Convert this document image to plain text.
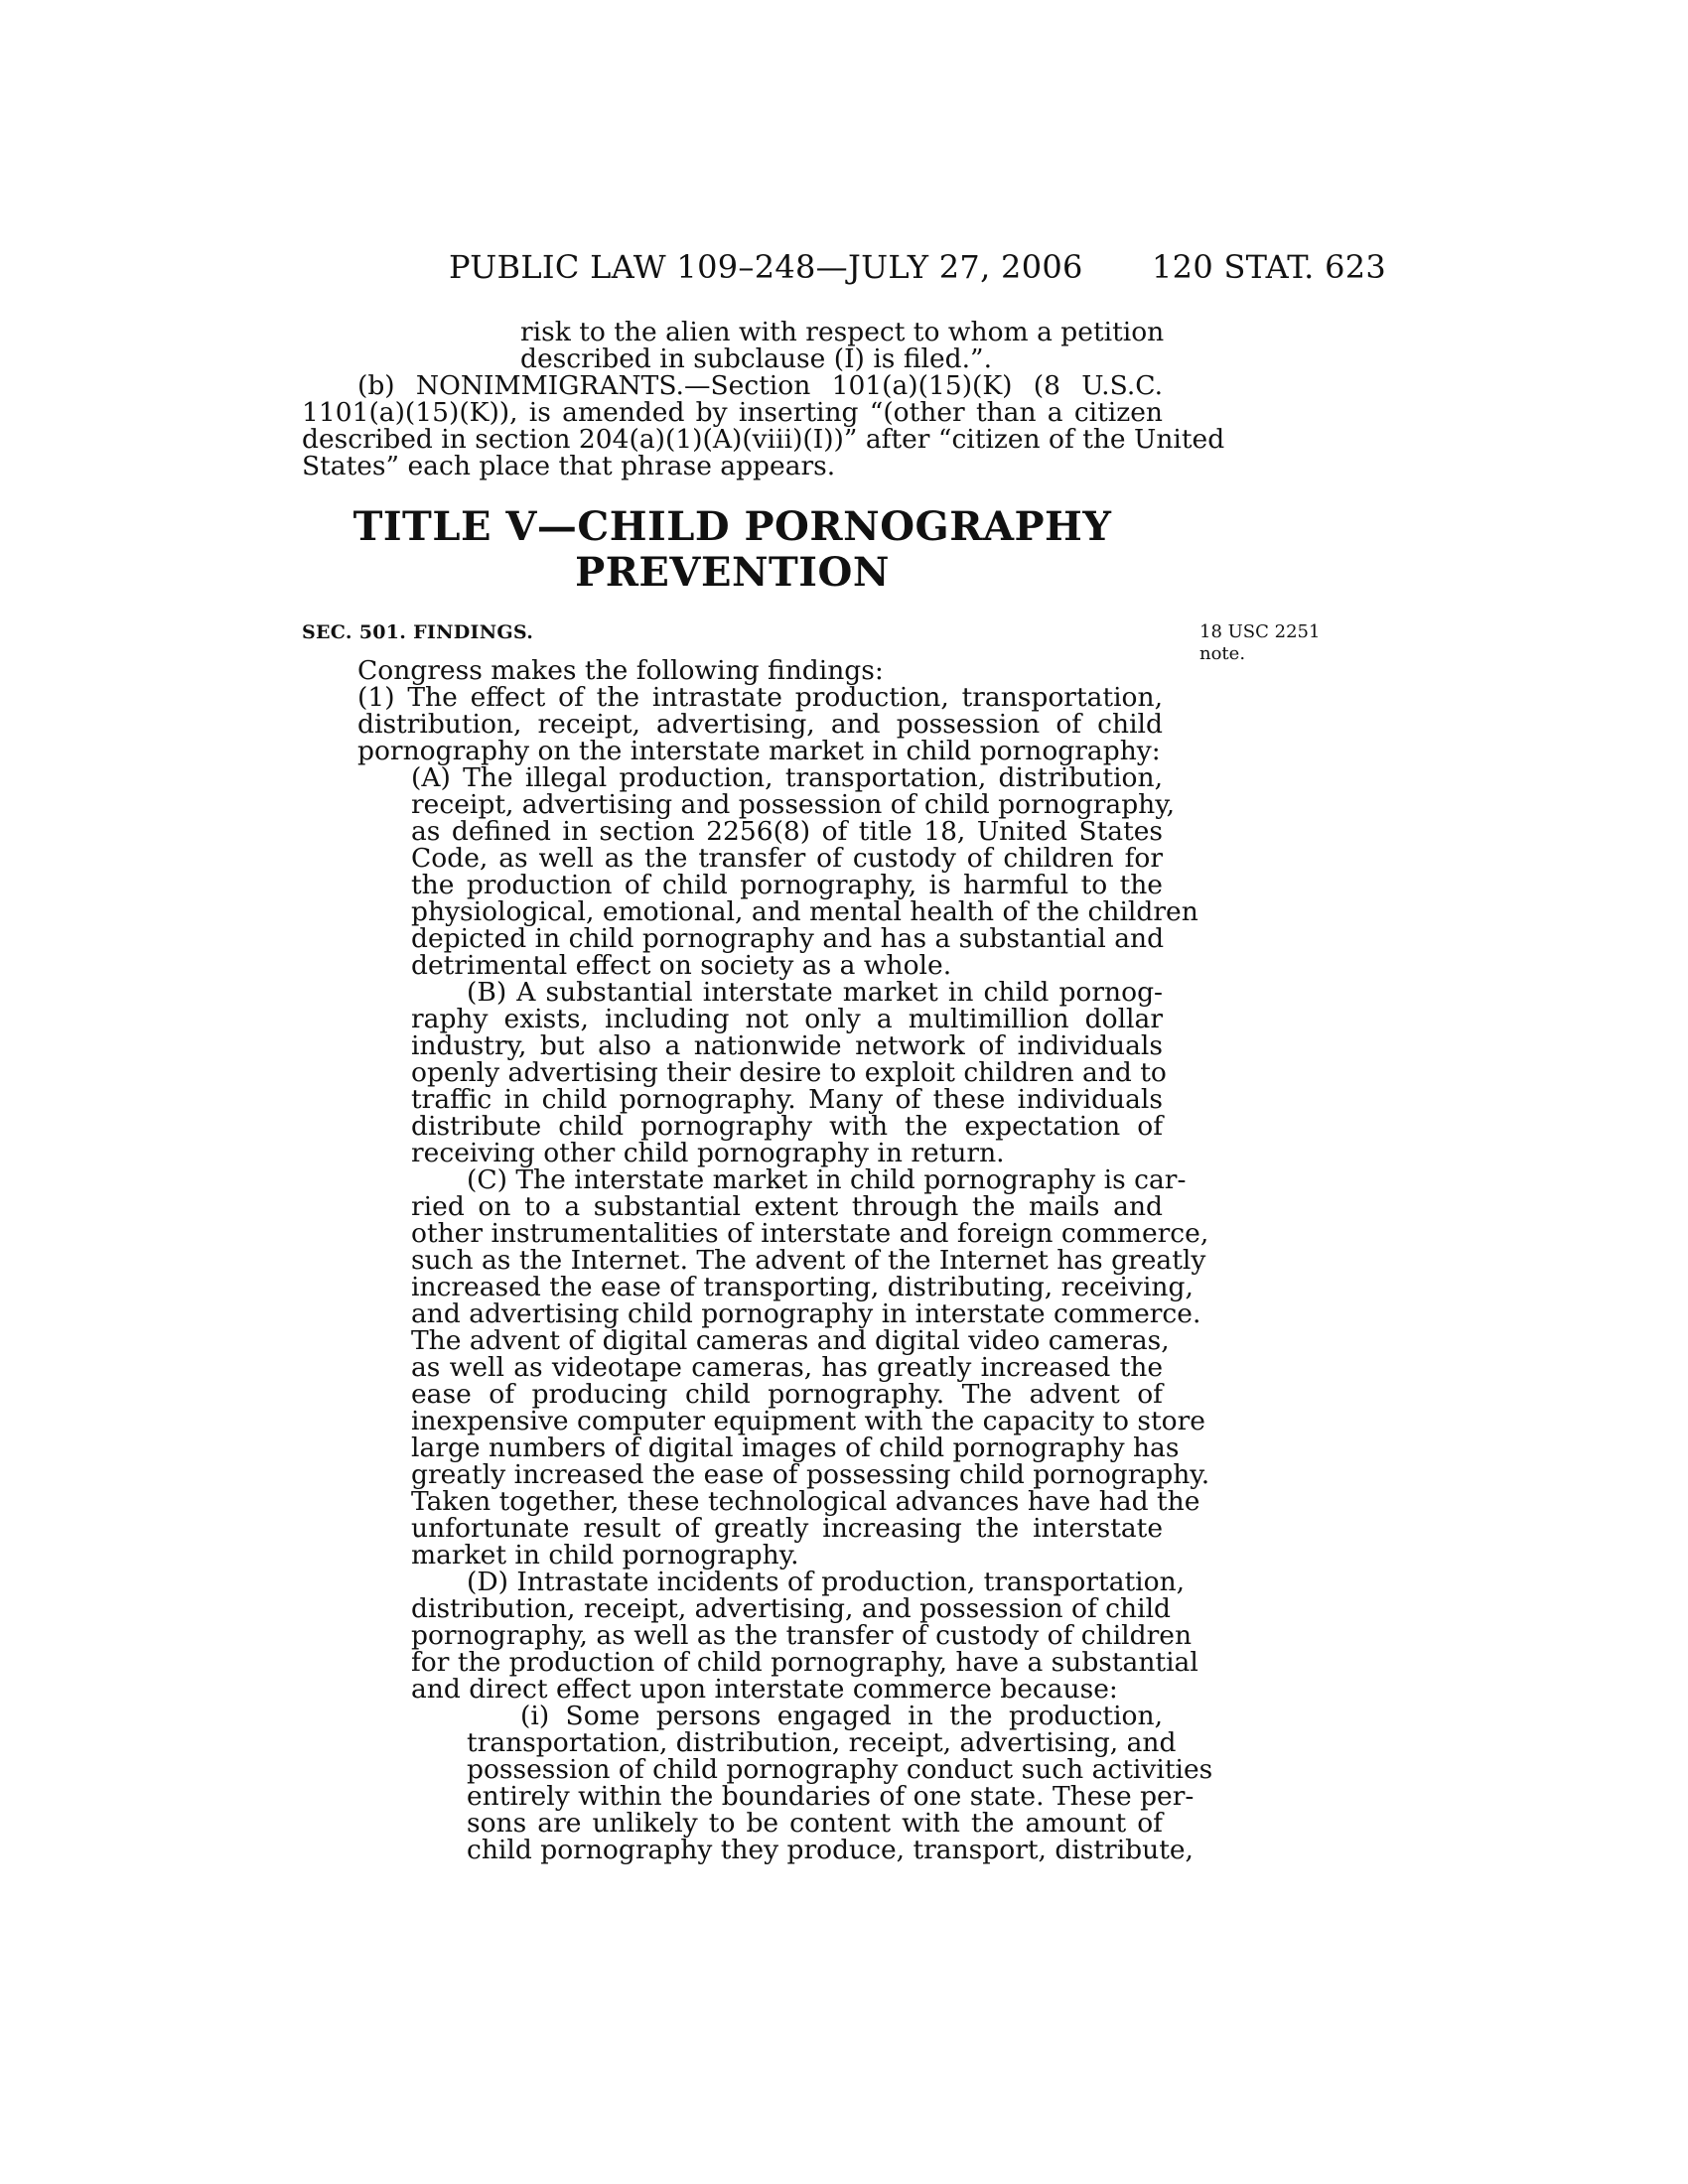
PUBLIC LAW 109–248—JULY 27, 2006 120 STAT. 623
risk to the alien with respect to whom a petition
described in subclause (I) is filed.”.
(b) NONIMMIGRANTS.—Section 101(a)(15)(K) (8 U.S.C.
1101(a)(15)(K)), is amended by inserting “(other than a citizen
described in section 204(a)(1)(A)(viii)(I))” after “citizen of the United
States” each place that phrase appears.
TITLE V—CHILD PORNOGRAPHY
PREVENTION
SEC. 501. FINDINGS.	18 USC 2251
note.
Congress makes the following findings:
(1) The effect of the intrastate production, transportation,
distribution, receipt, advertising, and possession of child
pornography on the interstate market in child pornography:
(A) The illegal production, transportation, distribution,
receipt, advertising and possession of child pornography,
as defined in section 2256(8) of title 18, United States
Code, as well as the transfer of custody of children for
the production of child pornography, is harmful to the
physiological, emotional, and mental health of the children
depicted in child pornography and has a substantial and
detrimental effect on society as a whole.
(B) A substantial interstate market in child pornog-
raphy exists, including not only a multimillion dollar
industry, but also a nationwide network of individuals
openly advertising their desire to exploit children and to
traffic in child pornography. Many of these individuals
distribute child pornography with the expectation of
receiving other child pornography in return.
(C) The interstate market in child pornography is car-
ried on to a substantial extent through the mails and
other instrumentalities of interstate and foreign commerce,
such as the Internet. The advent of the Internet has greatly
increased the ease of transporting, distributing, receiving,
and advertising child pornography in interstate commerce.
The advent of digital cameras and digital video cameras,
as well as videotape cameras, has greatly increased the
ease of producing child pornography. The advent of
inexpensive computer equipment with the capacity to store
large numbers of digital images of child pornography has
greatly increased the ease of possessing child pornography.
Taken together, these technological advances have had the
unfortunate result of greatly increasing the interstate
market in child pornography.
(D) Intrastate incidents of production, transportation,
distribution, receipt, advertising, and possession of child
pornography, as well as the transfer of custody of children
for the production of child pornography, have a substantial
and direct effect upon interstate commerce because:
(i) Some persons engaged in the production,
transportation, distribution, receipt, advertising, and
possession of child pornography conduct such activities
entirely within the boundaries of one state. These per-
sons are unlikely to be content with the amount of
child pornography they produce, transport, distribute,
